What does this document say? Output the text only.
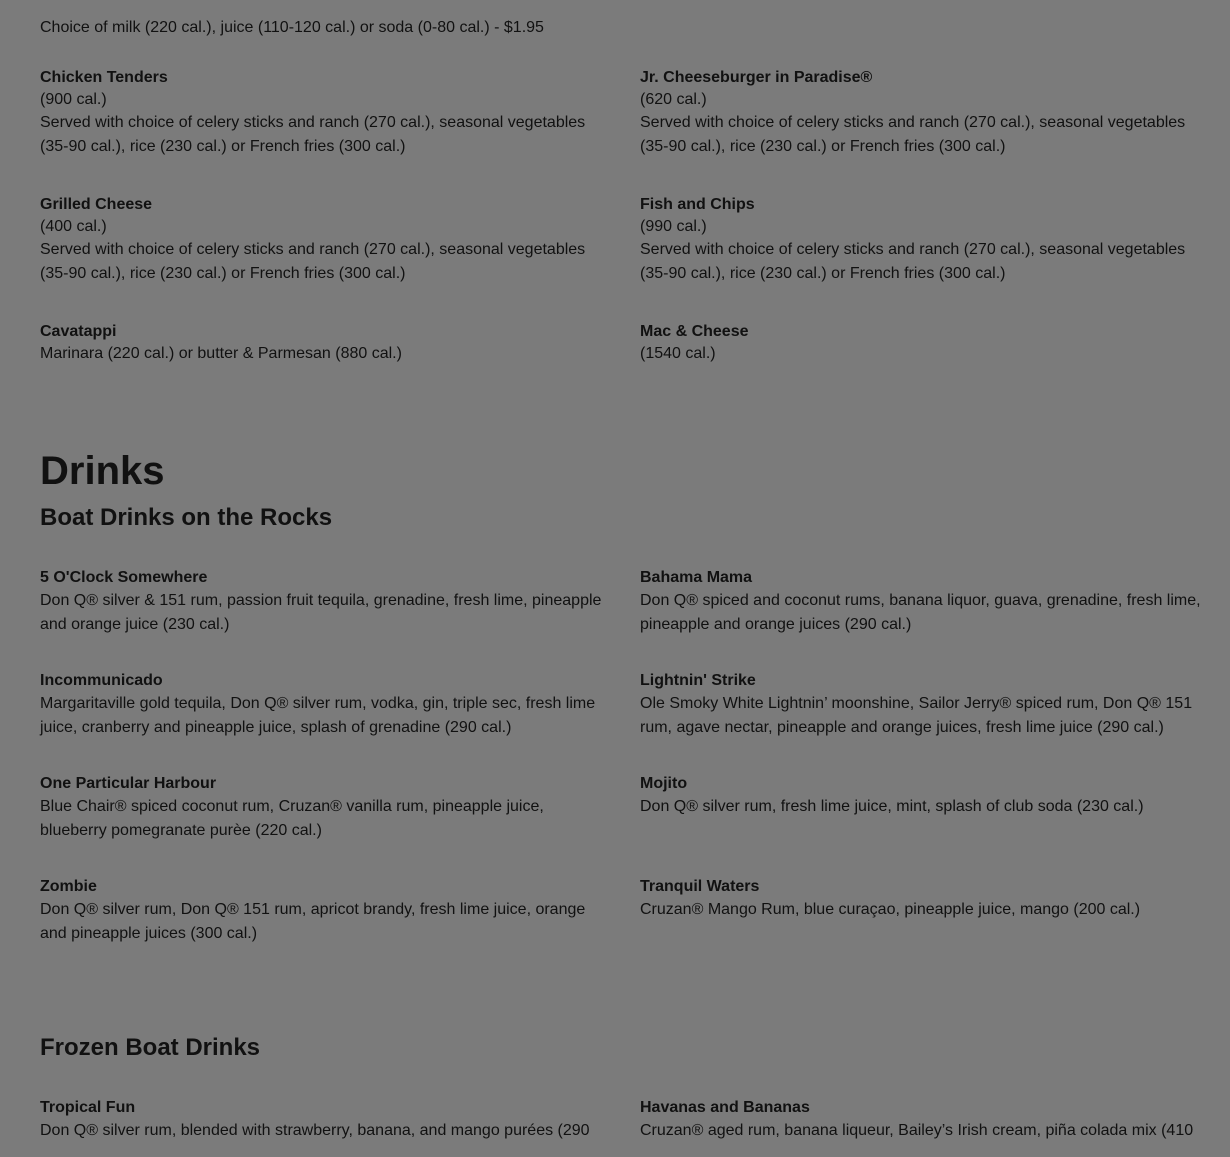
Choice of milk (220 cal.), juice (110-120 cal.) or soda (0-80 cal.) - $1.95
Chicken Tenders
(900 cal.)
Served with choice of celery sticks and ranch (270 cal.), seasonal vegetables (35-90 cal.), rice (230 cal.) or French fries (300 cal.)
Jr. Cheeseburger in Paradise®
(620 cal.)
Served with choice of celery sticks and ranch (270 cal.), seasonal vegetables (35-90 cal.), rice (230 cal.) or French fries (300 cal.)
Grilled Cheese
(400 cal.)
Served with choice of celery sticks and ranch (270 cal.), seasonal vegetables (35-90 cal.), rice (230 cal.) or French fries (300 cal.)
Fish and Chips
(990 cal.)
Served with choice of celery sticks and ranch (270 cal.), seasonal vegetables (35-90 cal.), rice (230 cal.) or French fries (300 cal.)
Cavatappi
Marinara (220 cal.) or butter & Parmesan (880 cal.)
Mac & Cheese
(1540 cal.)
Drinks
Boat Drinks on the Rocks
5 O'Clock Somewhere
Don Q® silver & 151 rum, passion fruit tequila, grenadine, fresh lime, pineapple and orange juice (230 cal.)
Bahama Mama
Don Q® spiced and coconut rums, banana liquor, guava, grenadine, fresh lime, pineapple and orange juices (290 cal.)
Incommunicado
Margaritaville gold tequila, Don Q® silver rum, vodka, gin, triple sec, fresh lime juice, cranberry and pineapple juice, splash of grenadine (290 cal.)
Lightnin' Strike
Ole Smoky White Lightnin’ moonshine, Sailor Jerry® spiced rum, Don Q® 151 rum, agave nectar, pineapple and orange juices, fresh lime juice (290 cal.)
One Particular Harbour
Blue Chair® spiced coconut rum, Cruzan® vanilla rum, pineapple juice, blueberry pomegranate purèe (220 cal.)
Mojito
Don Q® silver rum, fresh lime juice, mint, splash of club soda (230 cal.)
Zombie
Don Q® silver rum, Don Q® 151 rum, apricot brandy, fresh lime juice, orange and pineapple juices (300 cal.)
Tranquil Waters
Cruzan® Mango Rum, blue curaçao, pineapple juice, mango (200 cal.)
Frozen Boat Drinks
Tropical Fun
Don Q® silver rum, blended with strawberry, banana, and mango purées (290
Havanas and Bananas
Cruzan® aged rum, banana liqueur, Bailey’s Irish cream, piña colada mix (410
